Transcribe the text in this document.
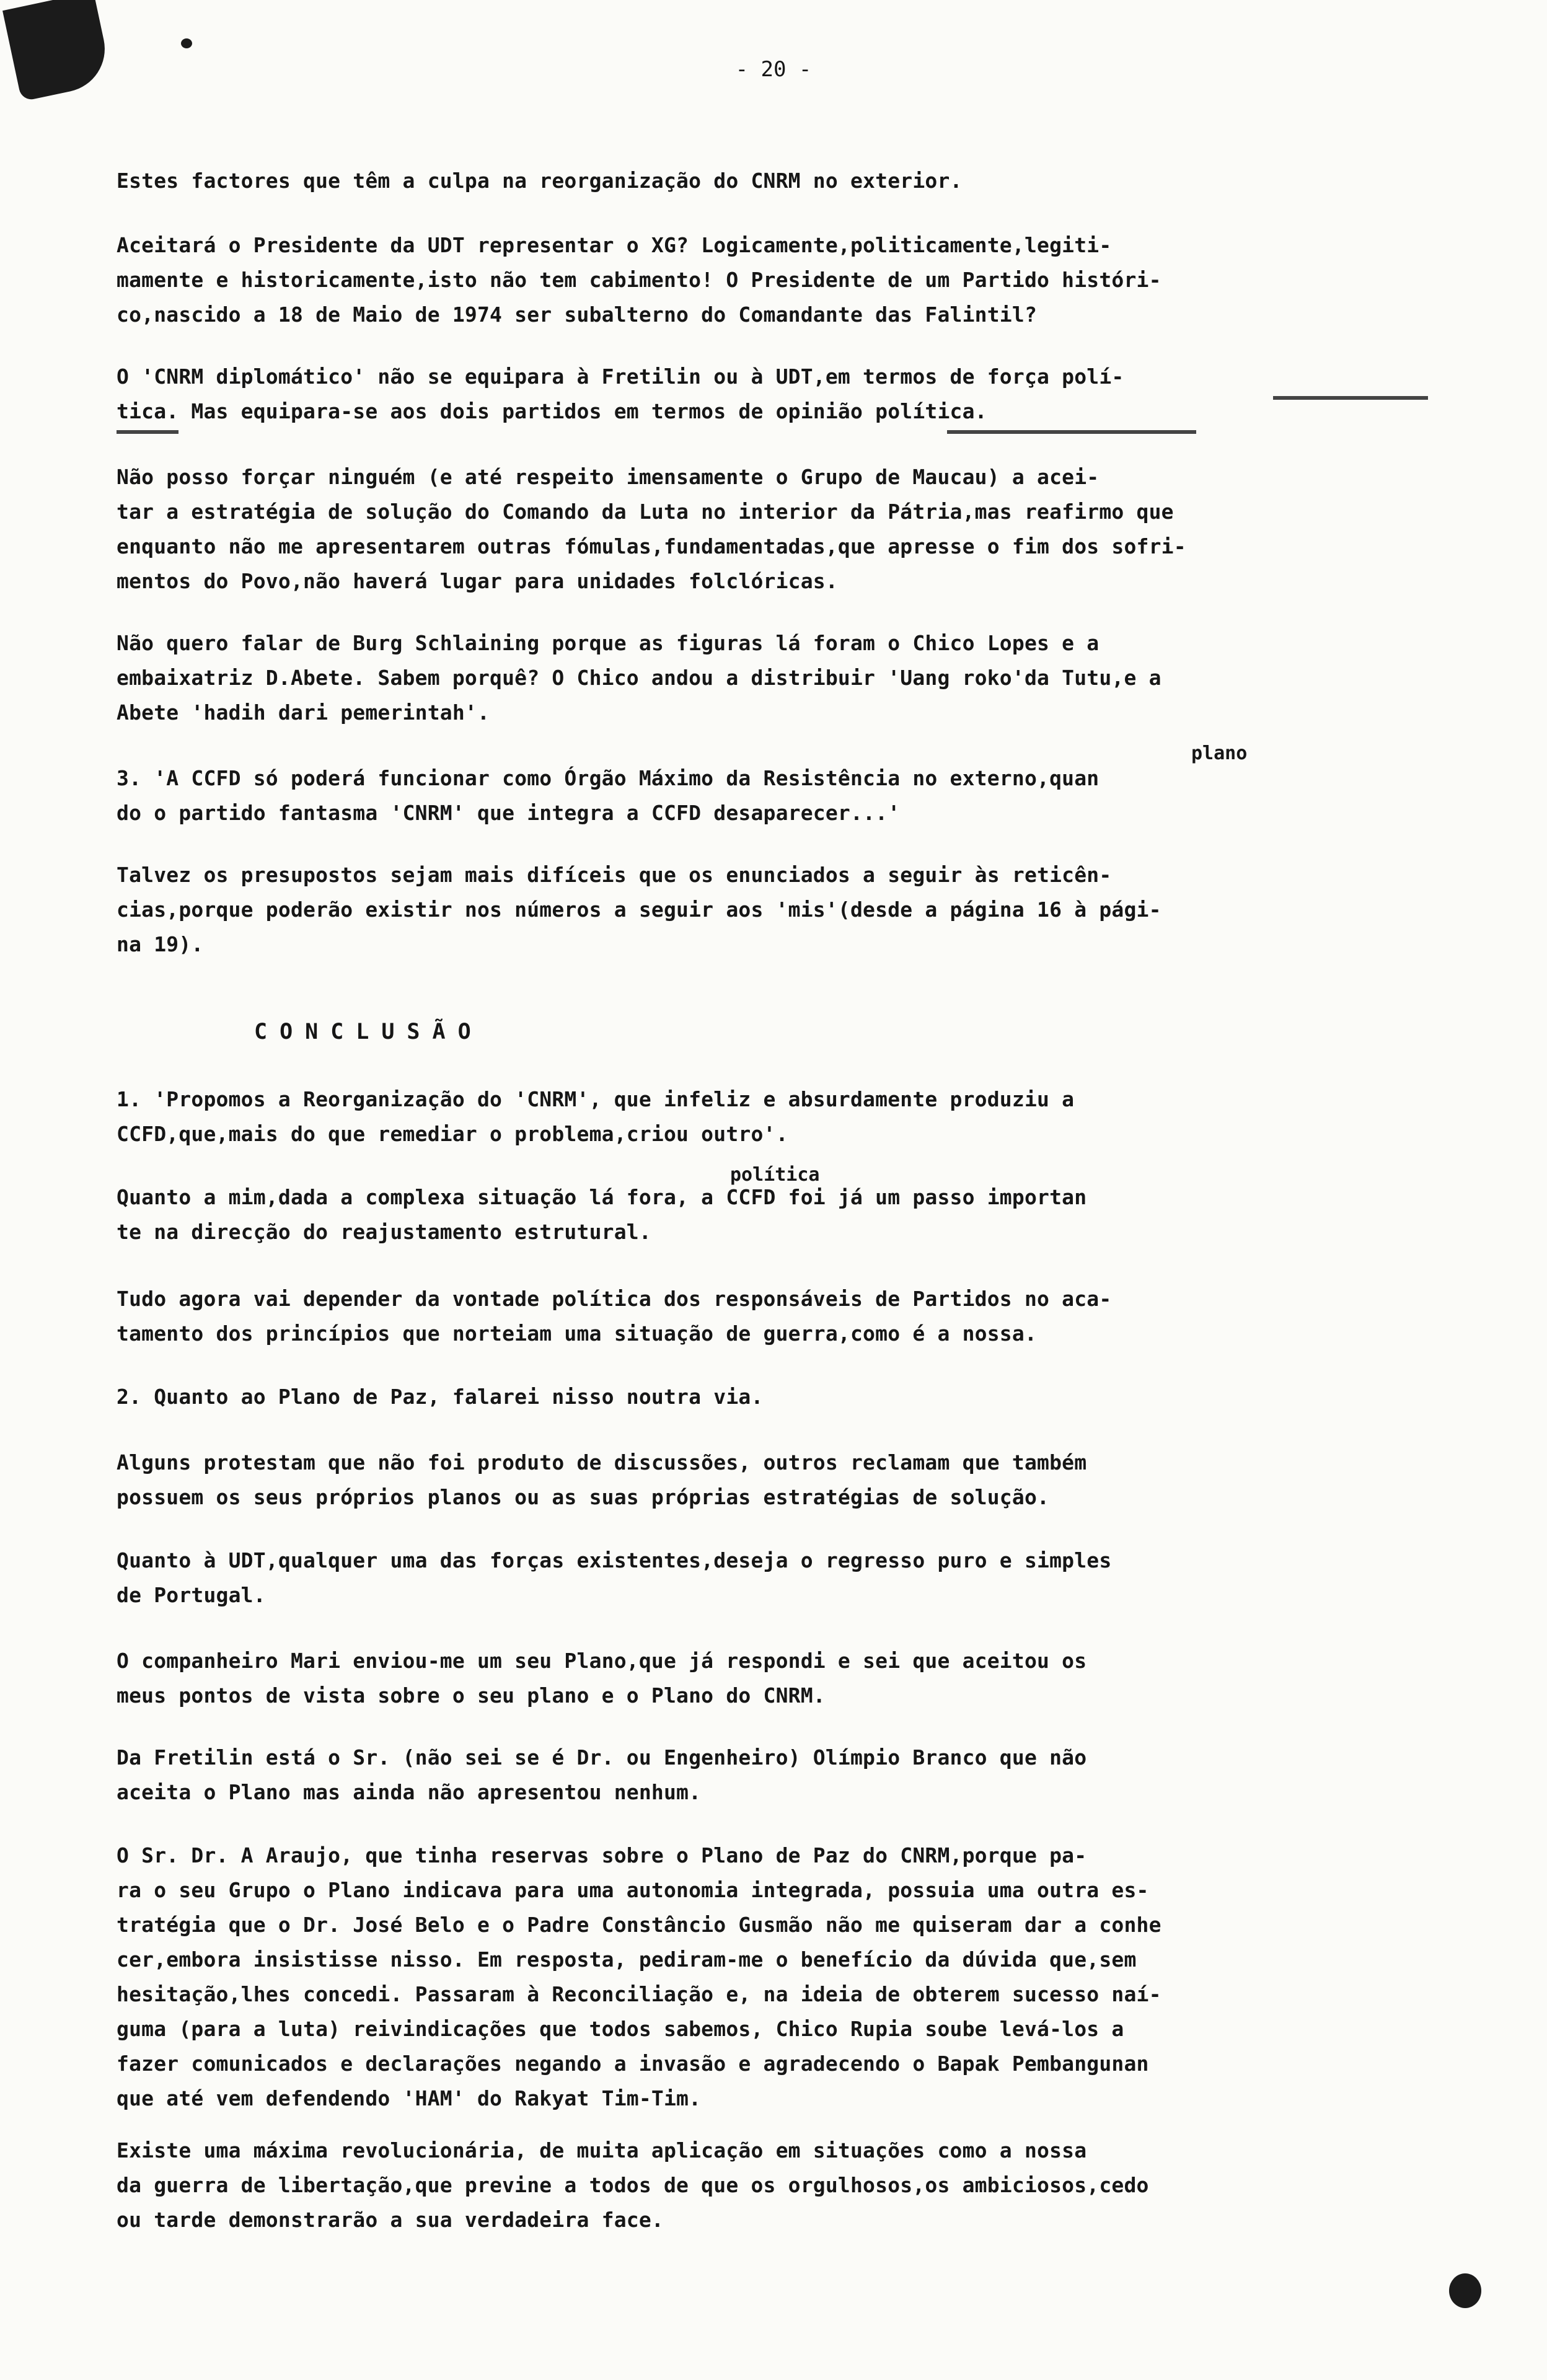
- 20 -
Estes factores que têm a culpa na reorganização do CNRM no exterior.
Aceitará o Presidente da UDT representar o XG? Logicamente,politicamente,legiti-
mamente e historicamente,isto não tem cabimento! O Presidente de um Partido históri-
co,nascido a 18 de Maio de 1974 ser subalterno do Comandante das Falintil?
O 'CNRM diplomático' não se equipara à Fretilin ou à UDT,em termos de força polí-
tica. Mas equipara-se aos dois partidos em termos de opinião política.
Não posso forçar ninguém (e até respeito imensamente o Grupo de Maucau) a acei-
tar a estratégia de solução do Comando da Luta no interior da Pátria,mas reafirmo que
enquanto não me apresentarem outras fómulas,fundamentadas,que apresse o fim dos sofri-
mentos do Povo,não haverá lugar para unidades folclóricas.
Não quero falar de Burg Schlaining porque as figuras lá foram o Chico Lopes e a
embaixatriz D.Abete. Sabem porquê? O Chico andou a distribuir 'Uang roko'da Tutu,e a
Abete 'hadih dari pemerintah'.
plano
3. 'A CCFD só poderá funcionar como Órgão Máximo da Resistência no externo,quan
do o partido fantasma 'CNRM' que integra a CCFD desaparecer...'
Talvez os presupostos sejam mais difíceis que os enunciados a seguir às reticên-
cias,porque poderão existir nos números a seguir aos 'mis'(desde a página 16 à pági-
na 19).
CONCLUSÃO
1. 'Propomos a Reorganização do 'CNRM', que infeliz e absurdamente produziu a
CCFD,que,mais do que remediar o problema,criou outro'.
política
Quanto a mim,dada a complexa situação lá fora, a CCFD foi já um passo importan
te na direcção do reajustamento estrutural.
Tudo agora vai depender da vontade política dos responsáveis de Partidos no aca-
tamento dos princípios que norteiam uma situação de guerra,como é a nossa.
2. Quanto ao Plano de Paz, falarei nisso noutra via.
Alguns protestam que não foi produto de discussões, outros reclamam que também
possuem os seus próprios planos ou as suas próprias estratégias de solução.
Quanto à UDT,qualquer uma das forças existentes,deseja o regresso puro e simples
de Portugal.
O companheiro Mari enviou-me um seu Plano,que já respondi e sei que aceitou os
meus pontos de vista sobre o seu plano e o Plano do CNRM.
Da Fretilin está o Sr. (não sei se é Dr. ou Engenheiro) Olímpio Branco que não
aceita o Plano mas ainda não apresentou nenhum.
O Sr. Dr. A Araujo, que tinha reservas sobre o Plano de Paz do CNRM,porque pa-
ra o seu Grupo o Plano indicava para uma autonomia integrada, possuia uma outra es-
tratégia que o Dr. José Belo e o Padre Constâncio Gusmão não me quiseram dar a conhe
cer,embora insistisse nisso. Em resposta, pediram-me o benefício da dúvida que,sem
hesitação,lhes concedi. Passaram à Reconciliação e, na ideia de obterem sucesso naí-
guma (para a luta) reivindicações que todos sabemos, Chico Rupia soube levá-los a
fazer comunicados e declarações negando a invasão e agradecendo o Bapak Pembangunan
que até vem defendendo 'HAM' do Rakyat Tim-Tim.
Existe uma máxima revolucionária, de muita aplicação em situações como a nossa
da guerra de libertação,que previne a todos de que os orgulhosos,os ambiciosos,cedo
ou tarde demonstrarão a sua verdadeira face.
